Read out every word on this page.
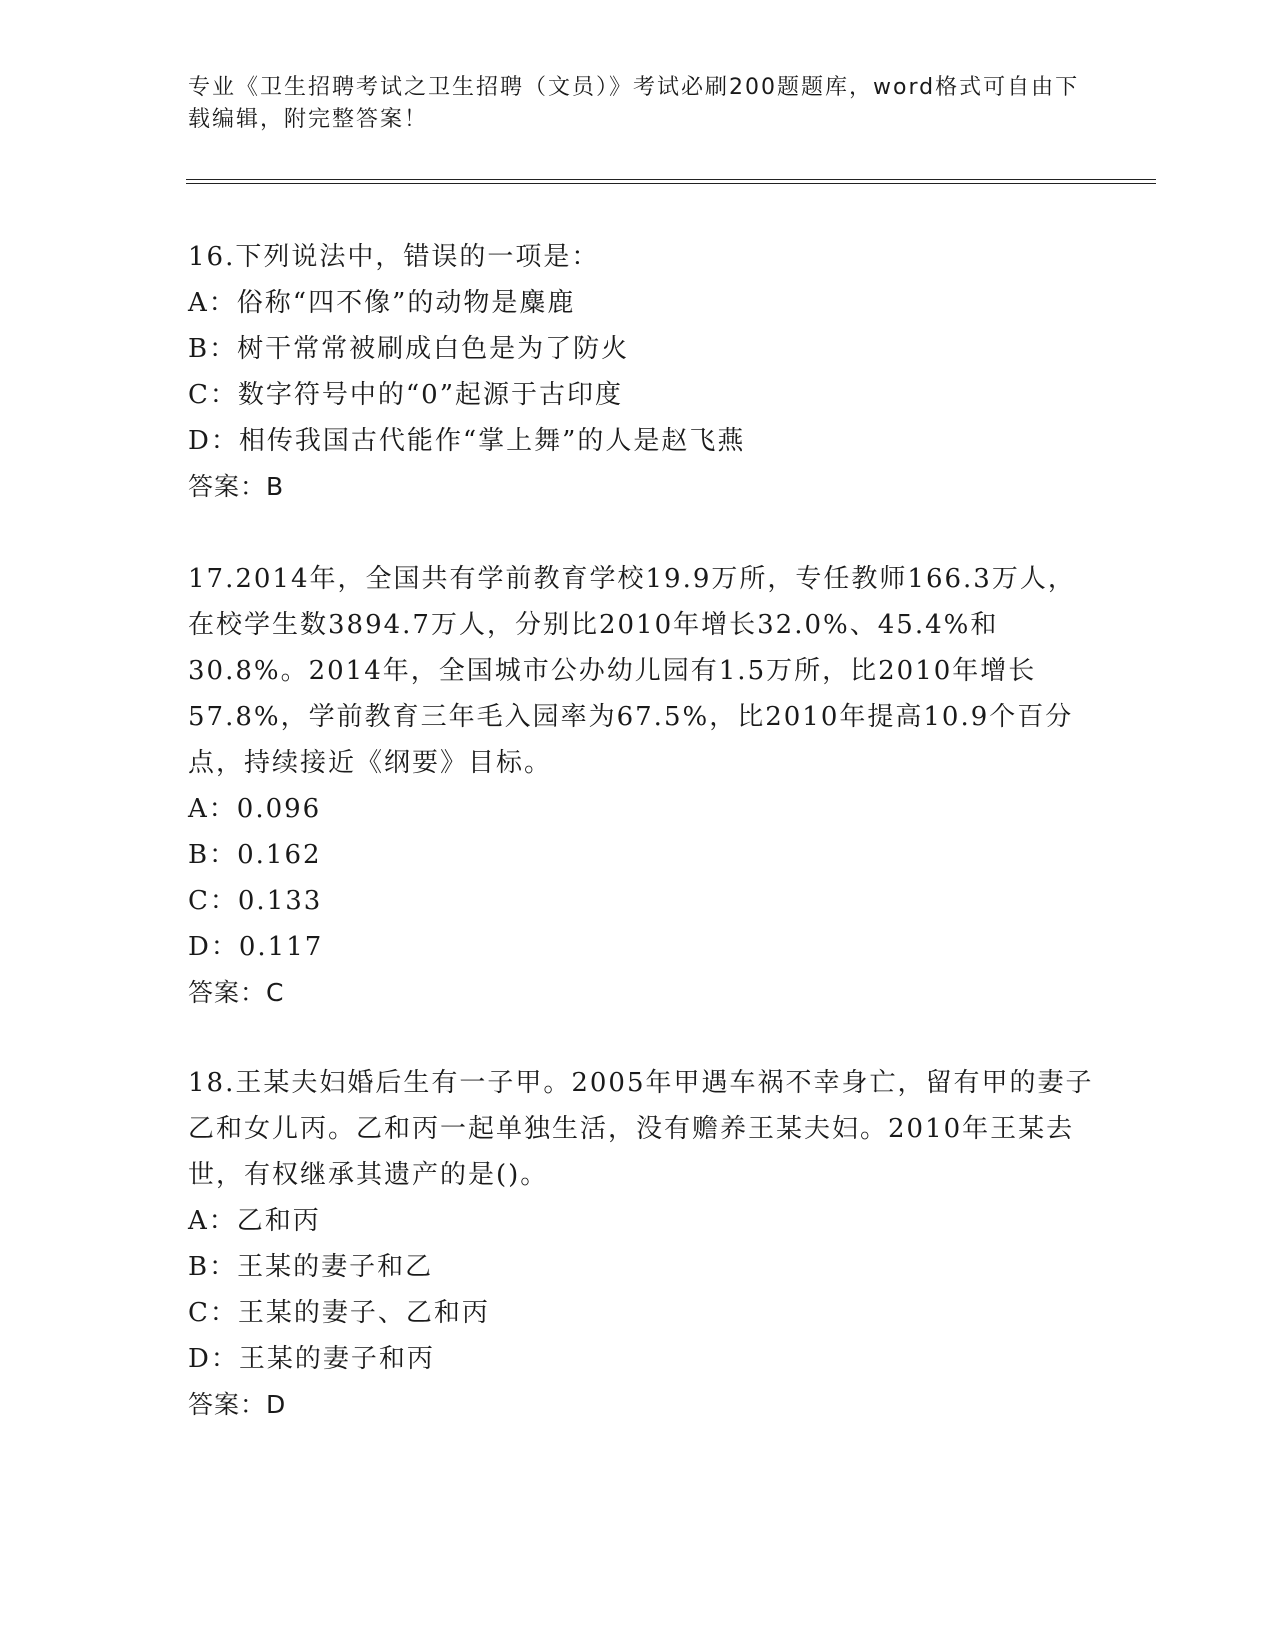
专业《卫生招聘考试之卫生招聘（文员）》考试必刷200题题库，word格式可自由下载编辑，附完整答案！

16.下列说法中，错误的一项是：

A：俗称“四不像”的动物是麋鹿

B：树干常常被刷成白色是为了防火

C：数字符号中的“0”起源于古印度

D：相传我国古代能作“掌上舞”的人是赵飞燕

答案：B

17.2014年，全国共有学前教育学校19.9万所，专任教师166.3万人，在校学生数3894.7万人，分别比2010年增长32.0%、45.4%和30.8%。2014年，全国城市公办幼儿园有1.5万所，比2010年增长57.8%，学前教育三年毛入园率为67.5%，比2010年提高10.9个百分点，持续接近《纲要》目标。

A：0.096

B：0.162

C：0.133

D：0.117

答案：C

18.王某夫妇婚后生有一子甲。2005年甲遇车祸不幸身亡，留有甲的妻子乙和女儿丙。乙和丙一起单独生活，没有赡养王某夫妇。2010年王某去世，有权继承其遗产的是()。

A：乙和丙

B：王某的妻子和乙

C：王某的妻子、乙和丙

D：王某的妻子和丙

答案：D
